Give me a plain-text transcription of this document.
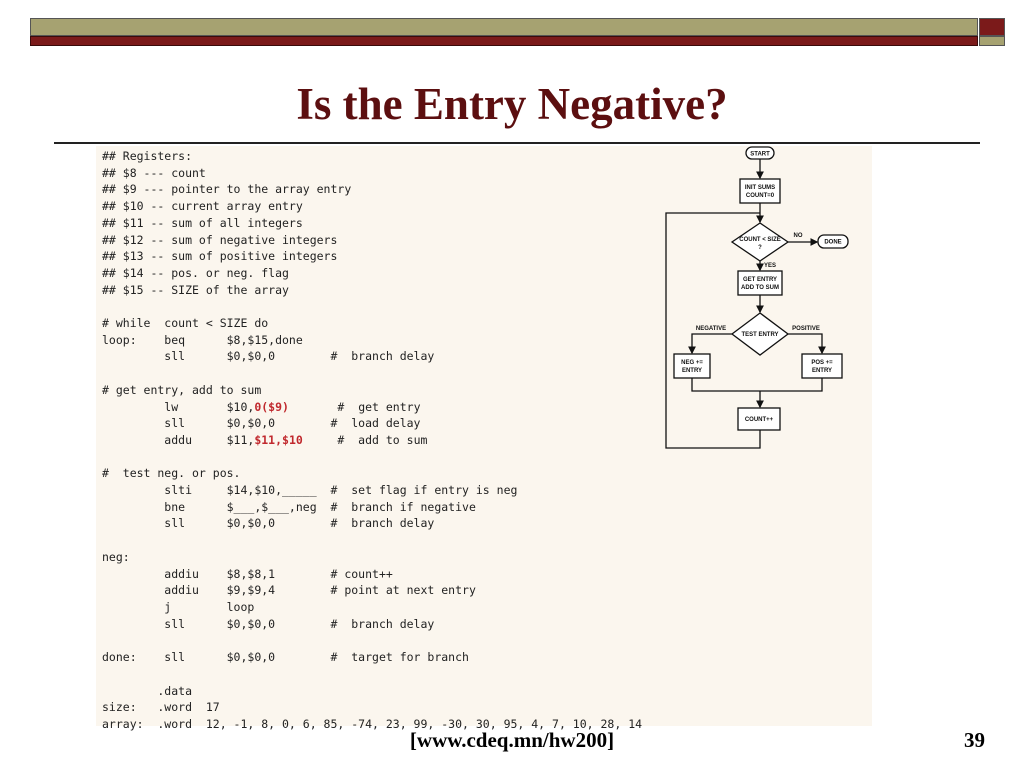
Is the Entry Negative?
## Registers:
## $8 --- count
## $9 --- pointer to the array entry
## $10 -- current array entry
## $11 -- sum of all integers
## $12 -- sum of negative integers
## $13 -- sum of positive integers
## $14 -- pos. or neg. flag
## $15 -- SIZE of the array

# while  count < SIZE do
loop:    beq      $8,$15,done
sll      $0,$0,0        #  branch delay

# get entry, add to sum
lw       $10,0($9)       #  get entry
sll      $0,$0,0        #  load delay
addu     $11,$11,$10     #  add to sum

#  test neg. or pos.
slti     $14,$10,_____  #  set flag if entry is neg
bne      $___,$___,neg  #  branch if negative
sll      $0,$0,0        #  branch delay

neg:
addiu    $8,$8,1        # count++
addiu    $9,$9,4        # point at next entry
j        loop
sll      $0,$0,0        #  branch delay

done:    sll      $0,$0,0        #  target for branch

.data
size:   .word  17
array:  .word  12, -1, 8, 0, 6, 85, -74, 23, 99, -30, 30, 95, 4, 7, 10, 28, 14

START
INIT SUMS
COUNT=0
COUNT < SIZE
?
DONE
GET ENTRY
ADD TO SUM
TEST ENTRY
NEG +=
ENTRY
POS +=
ENTRY
COUNT++
NO
YES
NEGATIVE	POSITIVE
[www.cdeq.mn/hw200]	39
